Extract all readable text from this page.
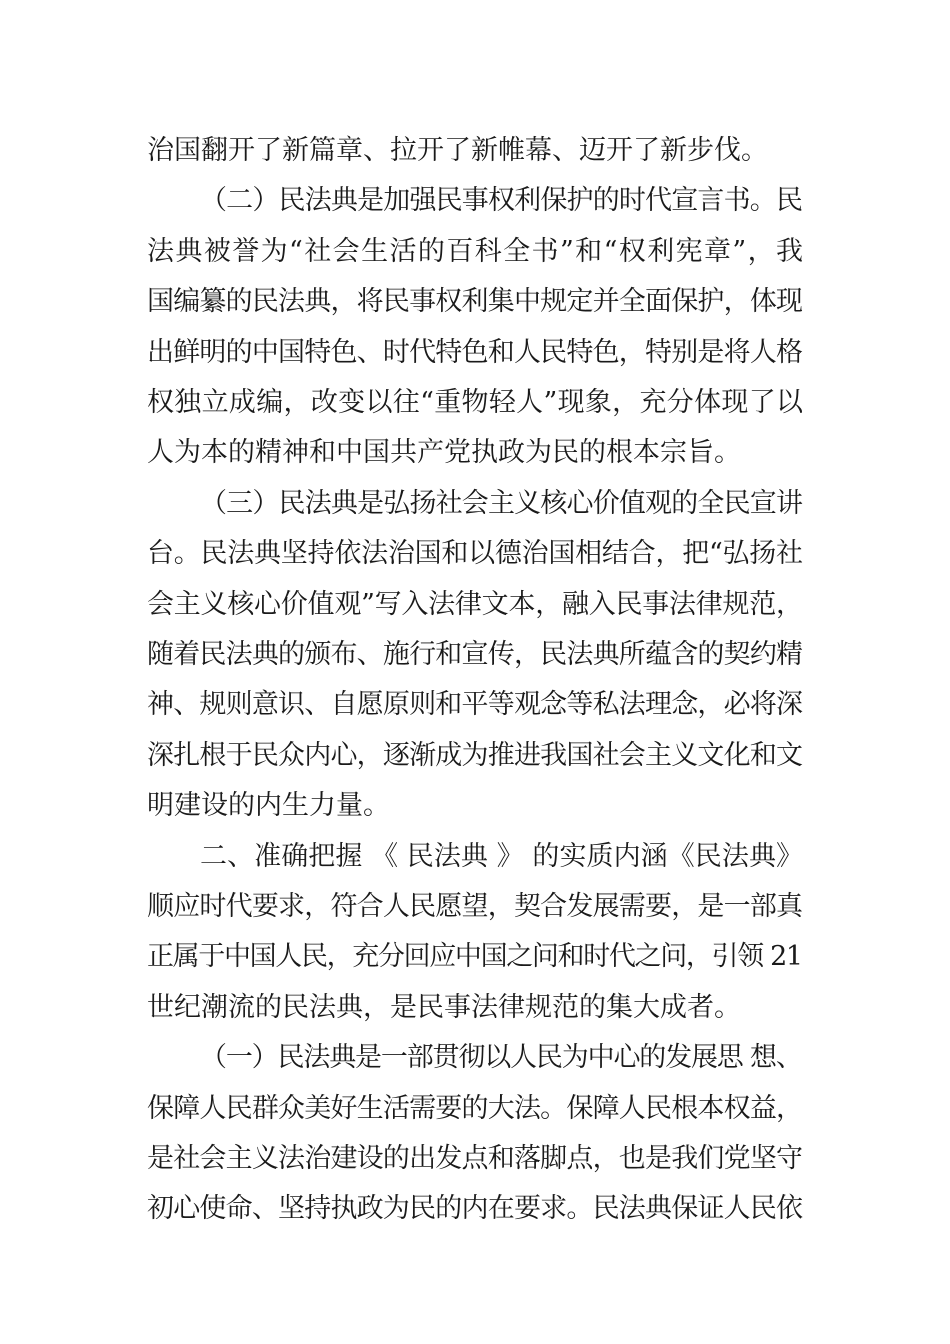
治国翻开了新篇章、拉开了新帷幕、迈开了新步伐。
（二）民法典是加强民事权利保护的时代宣言书。民
法典被誉为“社会生活的百科全书”和“权利宪章”，我
国编纂的民法典，将民事权利集中规定并全面保护，体现
出鲜明的中国特色、时代特色和人民特色，特别是将人格
权独立成编，改变以往“重物轻人”现象，充分体现了以
人为本的精神和中国共产党执政为民的根本宗旨。
（三）民法典是弘扬社会主义核心价值观的全民宣讲
台。民法典坚持依法治国和以德治国相结合，把“弘扬社
会主义核心价值观”写入法律文本，融入民事法律规范，
随着民法典的颁布、施行和宣传，民法典所蕴含的契约精
神、规则意识、自愿原则和平等观念等私法理念，必将深
深扎根于民众内心，逐渐成为推进我国社会主义文化和文
明建设的内生力量。
二、准确把握 《 民法典 》 的实质内涵《民法典》
顺应时代要求，符合人民愿望，契合发展需要，是一部真
正属于中国人民，充分回应中国之问和时代之问，引领 21
世纪潮流的民法典，是民事法律规范的集大成者。
（一）民法典是一部贯彻以人民为中心的发展思 想、
保障人民群众美好生活需要的大法。保障人民根本权益，
是社会主义法治建设的出发点和落脚点，也是我们党坚守
初心使命、坚持执政为民的内在要求。民法典保证人民依
